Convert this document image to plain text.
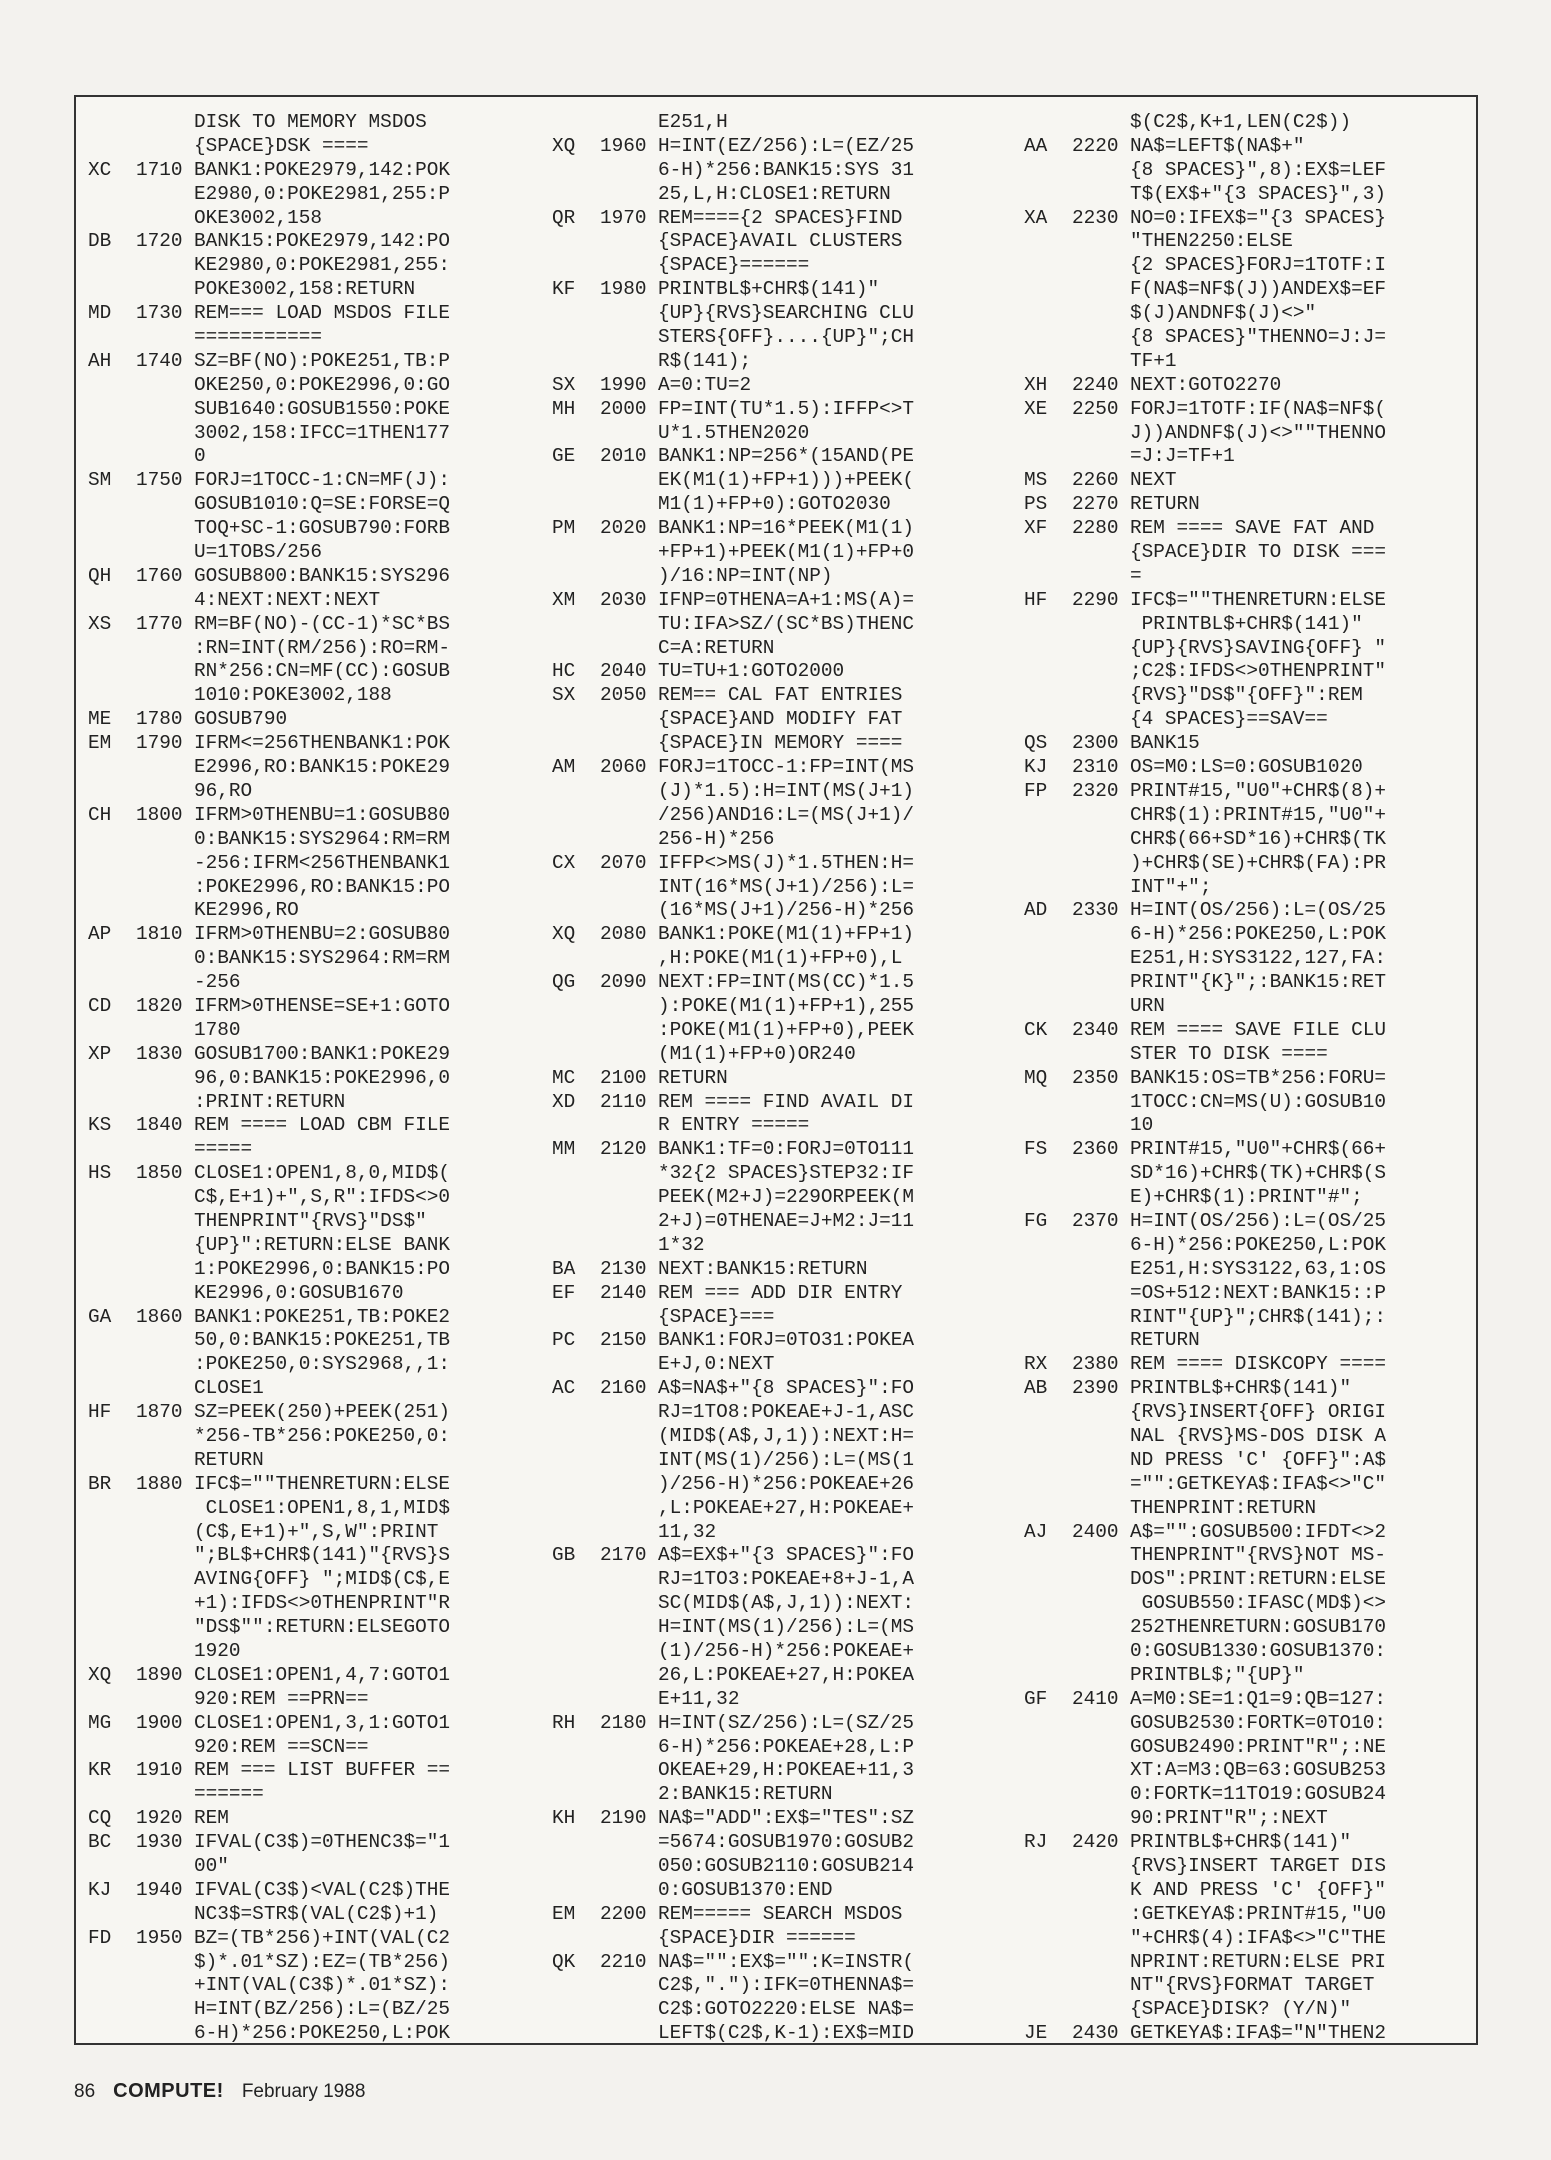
DISK TO MEMORY MSDOS
{SPACE}DSK ====
XC	1710 BANK1:POKE2979,142:POK
E2980,0:POKE2981,255:P
OKE3002,158
DB	1720 BANK15:POKE2979,142:PO
KE2980,0:POKE2981,255:
POKE3002,158:RETURN
MD	1730 REM=== LOAD MSDOS FILE
===========
AH	1740 SZ=BF(NO):POKE251,TB:P
OKE250,0:POKE2996,0:GO
SUB1640:GOSUB1550:POKE
3002,158:IFCC=1THEN177
0
SM	1750 FORJ=1TOCC-1:CN=MF(J):
GOSUB1010:Q=SE:FORSE=Q
TOQ+SC-1:GOSUB790:FORB
U=1TOBS/256
QH	1760 GOSUB800:BANK15:SYS296
4:NEXT:NEXT:NEXT
XS	1770 RM=BF(NO)-(CC-1)*SC*BS
:RN=INT(RM/256):RO=RM-
RN*256:CN=MF(CC):GOSUB
1010:POKE3002,188
ME	1780 GOSUB790
EM	1790 IFRM<=256THENBANK1:POK
E2996,RO:BANK15:POKE29
96,RO
CH	1800 IFRM>0THENBU=1:GOSUB80
0:BANK15:SYS2964:RM=RM
-256:IFRM<256THENBANK1
:POKE2996,RO:BANK15:PO
KE2996,RO
AP	1810 IFRM>0THENBU=2:GOSUB80
0:BANK15:SYS2964:RM=RM
-256
CD	1820 IFRM>0THENSE=SE+1:GOTO
1780
XP	1830 GOSUB1700:BANK1:POKE29
96,0:BANK15:POKE2996,0
:PRINT:RETURN
KS	1840 REM ==== LOAD CBM FILE
=====
HS	1850 CLOSE1:OPEN1,8,0,MID$(
C$,E+1)+",S,R":IFDS<>0
THENPRINT"{RVS}"DS$"
{UP}":RETURN:ELSE BANK
1:POKE2996,0:BANK15:PO
KE2996,0:GOSUB1670
GA	1860 BANK1:POKE251,TB:POKE2
50,0:BANK15:POKE251,TB
:POKE250,0:SYS2968,,1:
CLOSE1
HF	1870 SZ=PEEK(250)+PEEK(251)
*256-TB*256:POKE250,0:
RETURN
BR	1880 IFC$=""THENRETURN:ELSE
CLOSE1:OPEN1,8,1,MID$
(C$,E+1)+",S,W":PRINT
";BL$+CHR$(141)"{RVS}S
AVING{OFF} ";MID$(C$,E
+1):IFDS<>0THENPRINT"R
"DS$"":RETURN:ELSEGOTO
1920
XQ	1890 CLOSE1:OPEN1,4,7:GOTO1
920:REM ==PRN==
MG	1900 CLOSE1:OPEN1,3,1:GOTO1
920:REM ==SCN==
KR	1910 REM === LIST BUFFER ==
======
CQ	1920 REM
BC	1930 IFVAL(C3$)=0THENC3$="1
00"
KJ	1940 IFVAL(C3$)<VAL(C2$)THE
NC3$=STR$(VAL(C2$)+1)
FD	1950 BZ=(TB*256)+INT(VAL(C2
$)*.01*SZ):EZ=(TB*256)
+INT(VAL(C3$)*.01*SZ):
H=INT(BZ/256):L=(BZ/25
6-H)*256:POKE250,L:POK
E251,H
XQ	1960 H=INT(EZ/256):L=(EZ/25
6-H)*256:BANK15:SYS 31
25,L,H:CLOSE1:RETURN
QR	1970 REM===={2 SPACES}FIND
{SPACE}AVAIL CLUSTERS
{SPACE}======
KF	1980 PRINTBL$+CHR$(141)"
{UP}{RVS}SEARCHING CLU
STERS{OFF}....{UP}";CH
R$(141);
SX	1990 A=0:TU=2
MH	2000 FP=INT(TU*1.5):IFFP<>T
U*1.5THEN2020
GE	2010 BANK1:NP=256*(15AND(PE
EK(M1(1)+FP+1)))+PEEK(
M1(1)+FP+0):GOTO2030
PM	2020 BANK1:NP=16*PEEK(M1(1)
+FP+1)+PEEK(M1(1)+FP+0
)/16:NP=INT(NP)
XM	2030 IFNP=0THENA=A+1:MS(A)=
TU:IFA>SZ/(SC*BS)THENC
C=A:RETURN
HC	2040 TU=TU+1:GOTO2000
SX	2050 REM== CAL FAT ENTRIES
{SPACE}AND MODIFY FAT
{SPACE}IN MEMORY ====
AM	2060 FORJ=1TOCC-1:FP=INT(MS
(J)*1.5):H=INT(MS(J+1)
/256)AND16:L=(MS(J+1)/
256-H)*256
CX	2070 IFFP<>MS(J)*1.5THEN:H=
INT(16*MS(J+1)/256):L=
(16*MS(J+1)/256-H)*256
XQ	2080 BANK1:POKE(M1(1)+FP+1)
,H:POKE(M1(1)+FP+0),L
QG	2090 NEXT:FP=INT(MS(CC)*1.5
):POKE(M1(1)+FP+1),255
:POKE(M1(1)+FP+0),PEEK
(M1(1)+FP+0)OR240
MC	2100 RETURN
XD	2110 REM ==== FIND AVAIL DI
R ENTRY =====
MM	2120 BANK1:TF=0:FORJ=0TO111
*32{2 SPACES}STEP32:IF
PEEK(M2+J)=229ORPEEK(M
2+J)=0THENAE=J+M2:J=11
1*32
BA	2130 NEXT:BANK15:RETURN
EF	2140 REM === ADD DIR ENTRY
{SPACE}===
PC	2150 BANK1:FORJ=0TO31:POKEA
E+J,0:NEXT
AC	2160 A$=NA$+"{8 SPACES}":FO
RJ=1TO8:POKEAE+J-1,ASC
(MID$(A$,J,1)):NEXT:H=
INT(MS(1)/256):L=(MS(1
)/256-H)*256:POKEAE+26
,L:POKEAE+27,H:POKEAE+
11,32
GB	2170 A$=EX$+"{3 SPACES}":FO
RJ=1TO3:POKEAE+8+J-1,A
SC(MID$(A$,J,1)):NEXT:
H=INT(MS(1)/256):L=(MS
(1)/256-H)*256:POKEAE+
26,L:POKEAE+27,H:POKEA
E+11,32
RH	2180 H=INT(SZ/256):L=(SZ/25
6-H)*256:POKEAE+28,L:P
OKEAE+29,H:POKEAE+11,3
2:BANK15:RETURN
KH	2190 NA$="ADD":EX$="TES":SZ
=5674:GOSUB1970:GOSUB2
050:GOSUB2110:GOSUB214
0:GOSUB1370:END
EM	2200 REM===== SEARCH MSDOS
{SPACE}DIR ======
QK	2210 NA$="":EX$="":K=INSTR(
C2$,"."):IFK=0THENNA$=
C2$:GOTO2220:ELSE NA$=
LEFT$(C2$,K-1):EX$=MID
$(C2$,K+1,LEN(C2$))
AA	2220 NA$=LEFT$(NA$+"
{8 SPACES}",8):EX$=LEF
T$(EX$+"{3 SPACES}",3)
XA	2230 NO=0:IFEX$="{3 SPACES}
"THEN2250:ELSE
{2 SPACES}FORJ=1TOTF:I
F(NA$=NF$(J))ANDEX$=EF
$(J)ANDNF$(J)<>"
{8 SPACES}"THENNO=J:J=
TF+1
XH	2240 NEXT:GOTO2270
XE	2250 FORJ=1TOTF:IF(NA$=NF$(
J))ANDNF$(J)<>""THENNO
=J:J=TF+1
MS	2260 NEXT
PS	2270 RETURN
XF	2280 REM ==== SAVE FAT AND
{SPACE}DIR TO DISK ===
=
HF	2290 IFC$=""THENRETURN:ELSE
PRINTBL$+CHR$(141)"
{UP}{RVS}SAVING{OFF} "
;C2$:IFDS<>0THENPRINT"
{RVS}"DS$"{OFF}":REM
{4 SPACES}==SAV==
QS	2300 BANK15
KJ	2310 OS=M0:LS=0:GOSUB1020
FP	2320 PRINT#15,"U0"+CHR$(8)+
CHR$(1):PRINT#15,"U0"+
CHR$(66+SD*16)+CHR$(TK
)+CHR$(SE)+CHR$(FA):PR
INT"+";
AD	2330 H=INT(OS/256):L=(OS/25
6-H)*256:POKE250,L:POK
E251,H:SYS3122,127,FA:
PRINT"{K}";:BANK15:RET
URN
CK	2340 REM ==== SAVE FILE CLU
STER TO DISK ====
MQ	2350 BANK15:OS=TB*256:FORU=
1TOCC:CN=MS(U):GOSUB10
10
FS	2360 PRINT#15,"U0"+CHR$(66+
SD*16)+CHR$(TK)+CHR$(S
E)+CHR$(1):PRINT"#";
FG	2370 H=INT(OS/256):L=(OS/25
6-H)*256:POKE250,L:POK
E251,H:SYS3122,63,1:OS
=OS+512:NEXT:BANK15::P
RINT"{UP}";CHR$(141);:
RETURN
RX	2380 REM ==== DISKCOPY ====
AB	2390 PRINTBL$+CHR$(141)"
{RVS}INSERT{OFF} ORIGI
NAL {RVS}MS-DOS DISK A
ND PRESS 'C' {OFF}":A$
="":GETKEYA$:IFA$<>"C"
THENPRINT:RETURN
AJ	2400 A$="":GOSUB500:IFDT<>2
THENPRINT"{RVS}NOT MS-
DOS":PRINT:RETURN:ELSE
GOSUB550:IFASC(MD$)<>
252THENRETURN:GOSUB170
0:GOSUB1330:GOSUB1370:
PRINTBL$;"{UP}"
GF	2410 A=M0:SE=1:Q1=9:QB=127:
GOSUB2530:FORTK=0TO10:
GOSUB2490:PRINT"R";:NE
XT:A=M3:QB=63:GOSUB253
0:FORTK=11TO19:GOSUB24
90:PRINT"R";:NEXT
RJ	2420 PRINTBL$+CHR$(141)"
{RVS}INSERT TARGET DIS
K AND PRESS 'C' {OFF}"
:GETKEYA$:PRINT#15,"U0
"+CHR$(4):IFA$<>"C"THE
NPRINT:RETURN:ELSE PRI
NT"{RVS}FORMAT TARGET
{SPACE}DISK? (Y/N)"
JE	2430 GETKEYA$:IFA$="N"THEN2
86 COMPUTE! February 1988
